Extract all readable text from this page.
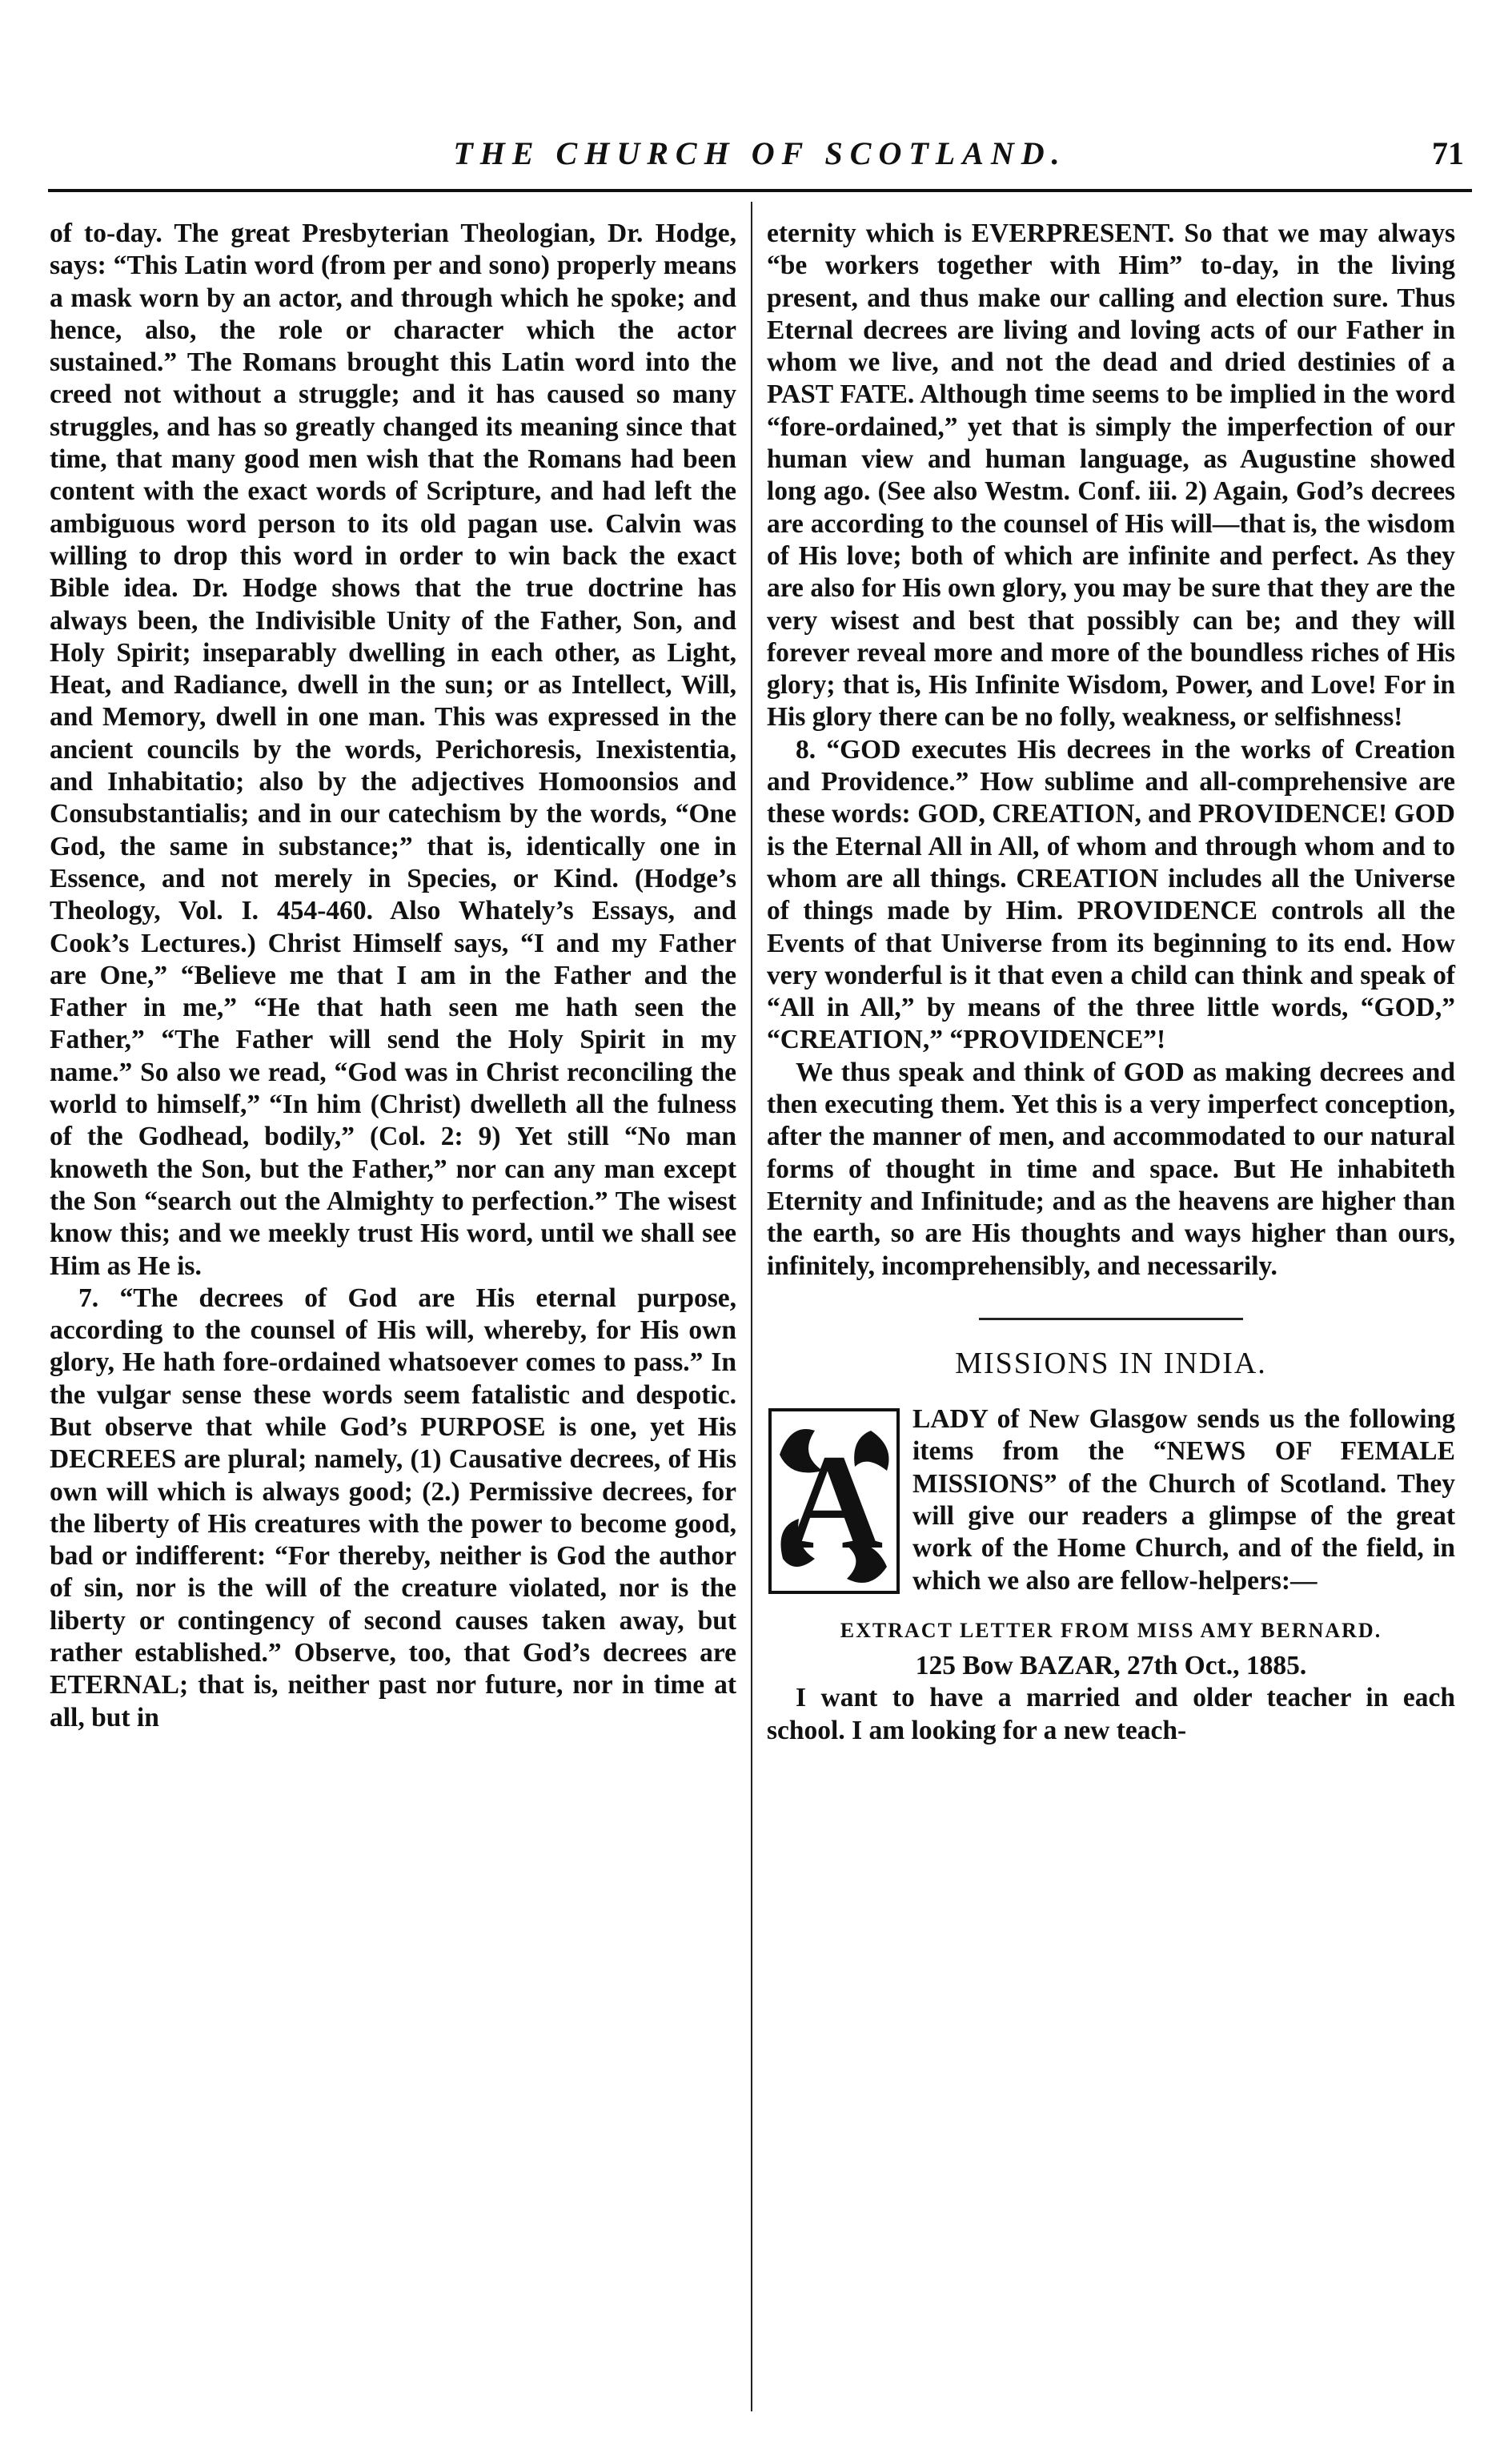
THE CHURCH OF SCOTLAND.	71

of to-day. The great Presbyterian Theologian, Dr. Hodge, says: “This Latin word (from per and sono) properly means a mask worn by an actor, and through which he spoke; and hence, also, the role or character which the actor sustained.” The Romans brought this Latin word into the creed not without a struggle; and it has caused so many struggles, and has so greatly changed its meaning since that time, that many good men wish that the Romans had been content with the exact words of Scripture, and had left the ambiguous word person to its old pagan use. Calvin was willing to drop this word in order to win back the exact Bible idea. Dr. Hodge shows that the true doctrine has always been, the Indivisible Unity of the Father, Son, and Holy Spirit; inseparably dwelling in each other, as Light, Heat, and Radiance, dwell in the sun; or as Intellect, Will, and Memory, dwell in one man. This was expressed in the ancient councils by the words, Perichoresis, Inexistentia, and Inhabitatio; also by the adjectives Homoonsios and Consubstantialis; and in our catechism by the words, “One God, the same in substance;” that is, identically one in Essence, and not merely in Species, or Kind. (Hodge’s Theology, Vol. I. 454-460. Also Whately’s Essays, and Cook’s Lectures.) Christ Himself says, “I and my Father are One,” “Believe me that I am in the Father and the Father in me,” “He that hath seen me hath seen the Father,” “The Father will send the Holy Spirit in my name.” So also we read, “God was in Christ reconciling the world to himself,” “In him (Christ) dwelleth all the fulness of the Godhead, bodily,” (Col. 2: 9) Yet still “No man knoweth the Son, but the Father,” nor can any man except the Son “search out the Almighty to perfection.” The wisest know this; and we meekly trust His word, until we shall see Him as He is.

7. “The decrees of God are His eternal purpose, according to the counsel of His will, whereby, for His own glory, He hath fore-ordained whatsoever comes to pass.” In the vulgar sense these words seem fatalistic and despotic. But observe that while God’s PURPOSE is one, yet His DECREES are plural; namely, (1) Causative decrees, of His own will which is always good; (2.) Permissive decrees, for the liberty of His creatures with the power to become good, bad or indifferent: “For thereby, neither is God the author of sin, nor is the will of the creature violated, nor is the liberty or contingency of second causes taken away, but rather established.” Observe, too, that God’s decrees are ETERNAL; that is, neither past nor future, nor in time at all, but in

eternity which is EVERPRESENT. So that we may always “be workers together with Him” to-day, in the living present, and thus make our calling and election sure. Thus Eternal decrees are living and loving acts of our Father in whom we live, and not the dead and dried destinies of a PAST FATE. Although time seems to be implied in the word “fore-ordained,” yet that is simply the imperfection of our human view and human language, as Augustine showed long ago. (See also Westm. Conf. iii. 2) Again, God’s decrees are according to the counsel of His will—that is, the wisdom of His love; both of which are infinite and perfect. As they are also for His own glory, you may be sure that they are the very wisest and best that possibly can be; and they will forever reveal more and more of the boundless riches of His glory; that is, His Infinite Wisdom, Power, and Love! For in His glory there can be no folly, weakness, or selfishness!

8. “GOD executes His decrees in the works of Creation and Providence.” How sublime and all-comprehensive are these words: GOD, CREATION, and PROVIDENCE! GOD is the Eternal All in All, of whom and through whom and to whom are all things. CREATION includes all the Universe of things made by Him. PROVIDENCE controls all the Events of that Universe from its beginning to its end. How very wonderful is it that even a child can think and speak of “All in All,” by means of the three little words, “GOD,” “CREATION,” “PROVIDENCE”!

We thus speak and think of GOD as making decrees and then executing them. Yet this is a very imperfect conception, after the manner of men, and accommodated to our natural forms of thought in time and space. But He inhabiteth Eternity and Infinitude; and as the heavens are higher than the earth, so are His thoughts and ways higher than ours, infinitely, incomprehensibly, and necessarily.

MISSIONS IN INDIA.
A

LADY of New Glasgow sends us the following items from the “NEWS OF FEMALE MISSIONS” of the Church of Scotland. They will give our readers a glimpse of the great work of the Home Church, and of the field, in which we also are fellow-helpers:—

EXTRACT LETTER FROM MISS AMY BERNARD.

125 Bow BAZAR, 27th Oct., 1885.

I want to have a married and older teacher in each school. I am looking for a new teach-
